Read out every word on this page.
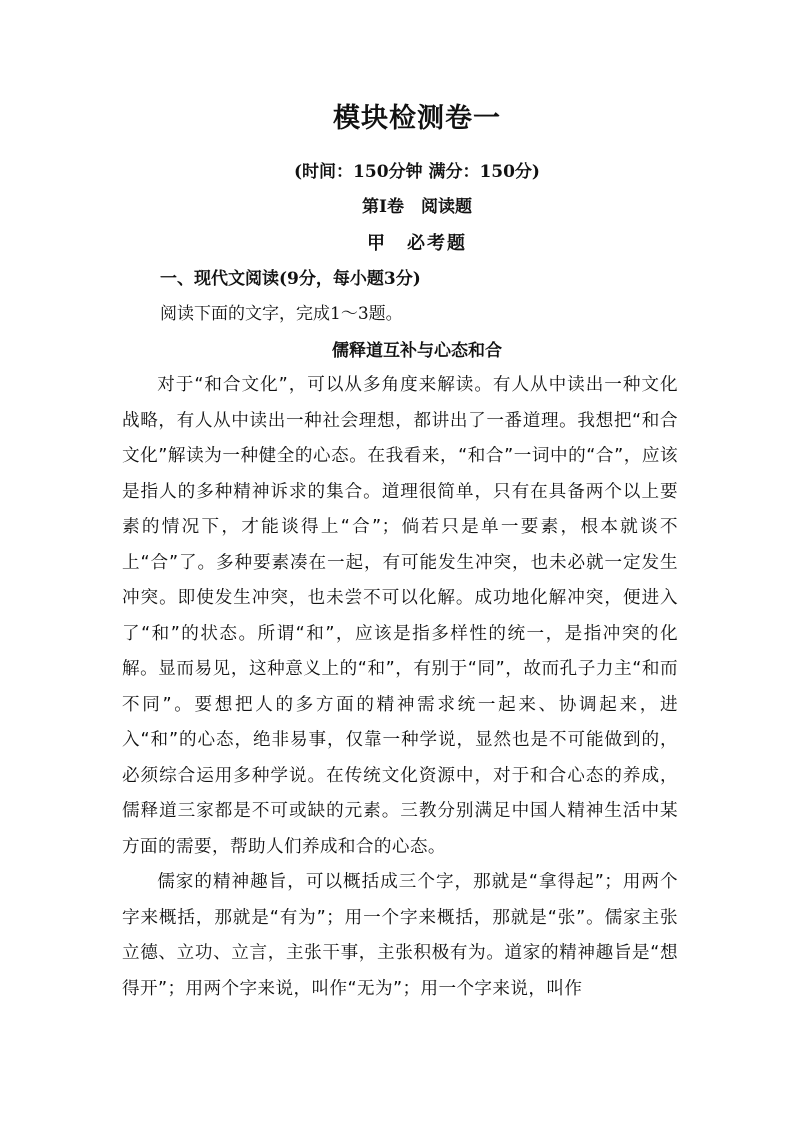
模块检测卷一
(时间：150分钟 满分：150分)
第Ⅰ卷　阅读题
甲　必考题
一、现代文阅读(9分，每小题3分)
阅读下面的文字，完成1～3题。
儒释道互补与心态和合

对于“和合文化”，可以从多角度来解读。有人从中读出一种文化战略，有人从中读出一种社会理想，都讲出了一番道理。我想把“和合文化”解读为一种健全的心态。在我看来，“和合”一词中的“合”，应该是指人的多种精神诉求的集合。道理很简单，只有在具备两个以上要素的情况下，才能谈得上“合”；倘若只是单一要素，根本就谈不上“合”了。多种要素凑在一起，有可能发生冲突，也未必就一定发生冲突。即使发生冲突，也未尝不可以化解。成功地化解冲突，便进入了“和”的状态。所谓“和”，应该是指多样性的统一，是指冲突的化解。显而易见，这种意义上的“和”，有别于“同”，故而孔子力主“和而不同”。要想把人的多方面的精神需求统一起来、协调起来，进入“和”的心态，绝非易事，仅靠一种学说，显然也是不可能做到的，必须综合运用多种学说。在传统文化资源中，对于和合心态的养成，儒释道三家都是不可或缺的元素。三教分别满足中国人精神生活中某方面的需要，帮助人们养成和合的心态。

儒家的精神趣旨，可以概括成三个字，那就是“拿得起”；用两个字来概括，那就是“有为”；用一个字来概括，那就是“张”。儒家主张立德、立功、立言，主张干事，主张积极有为。道家的精神趣旨是“想得开”；用两个字来说，叫作“无为”；用一个字来说，叫作
